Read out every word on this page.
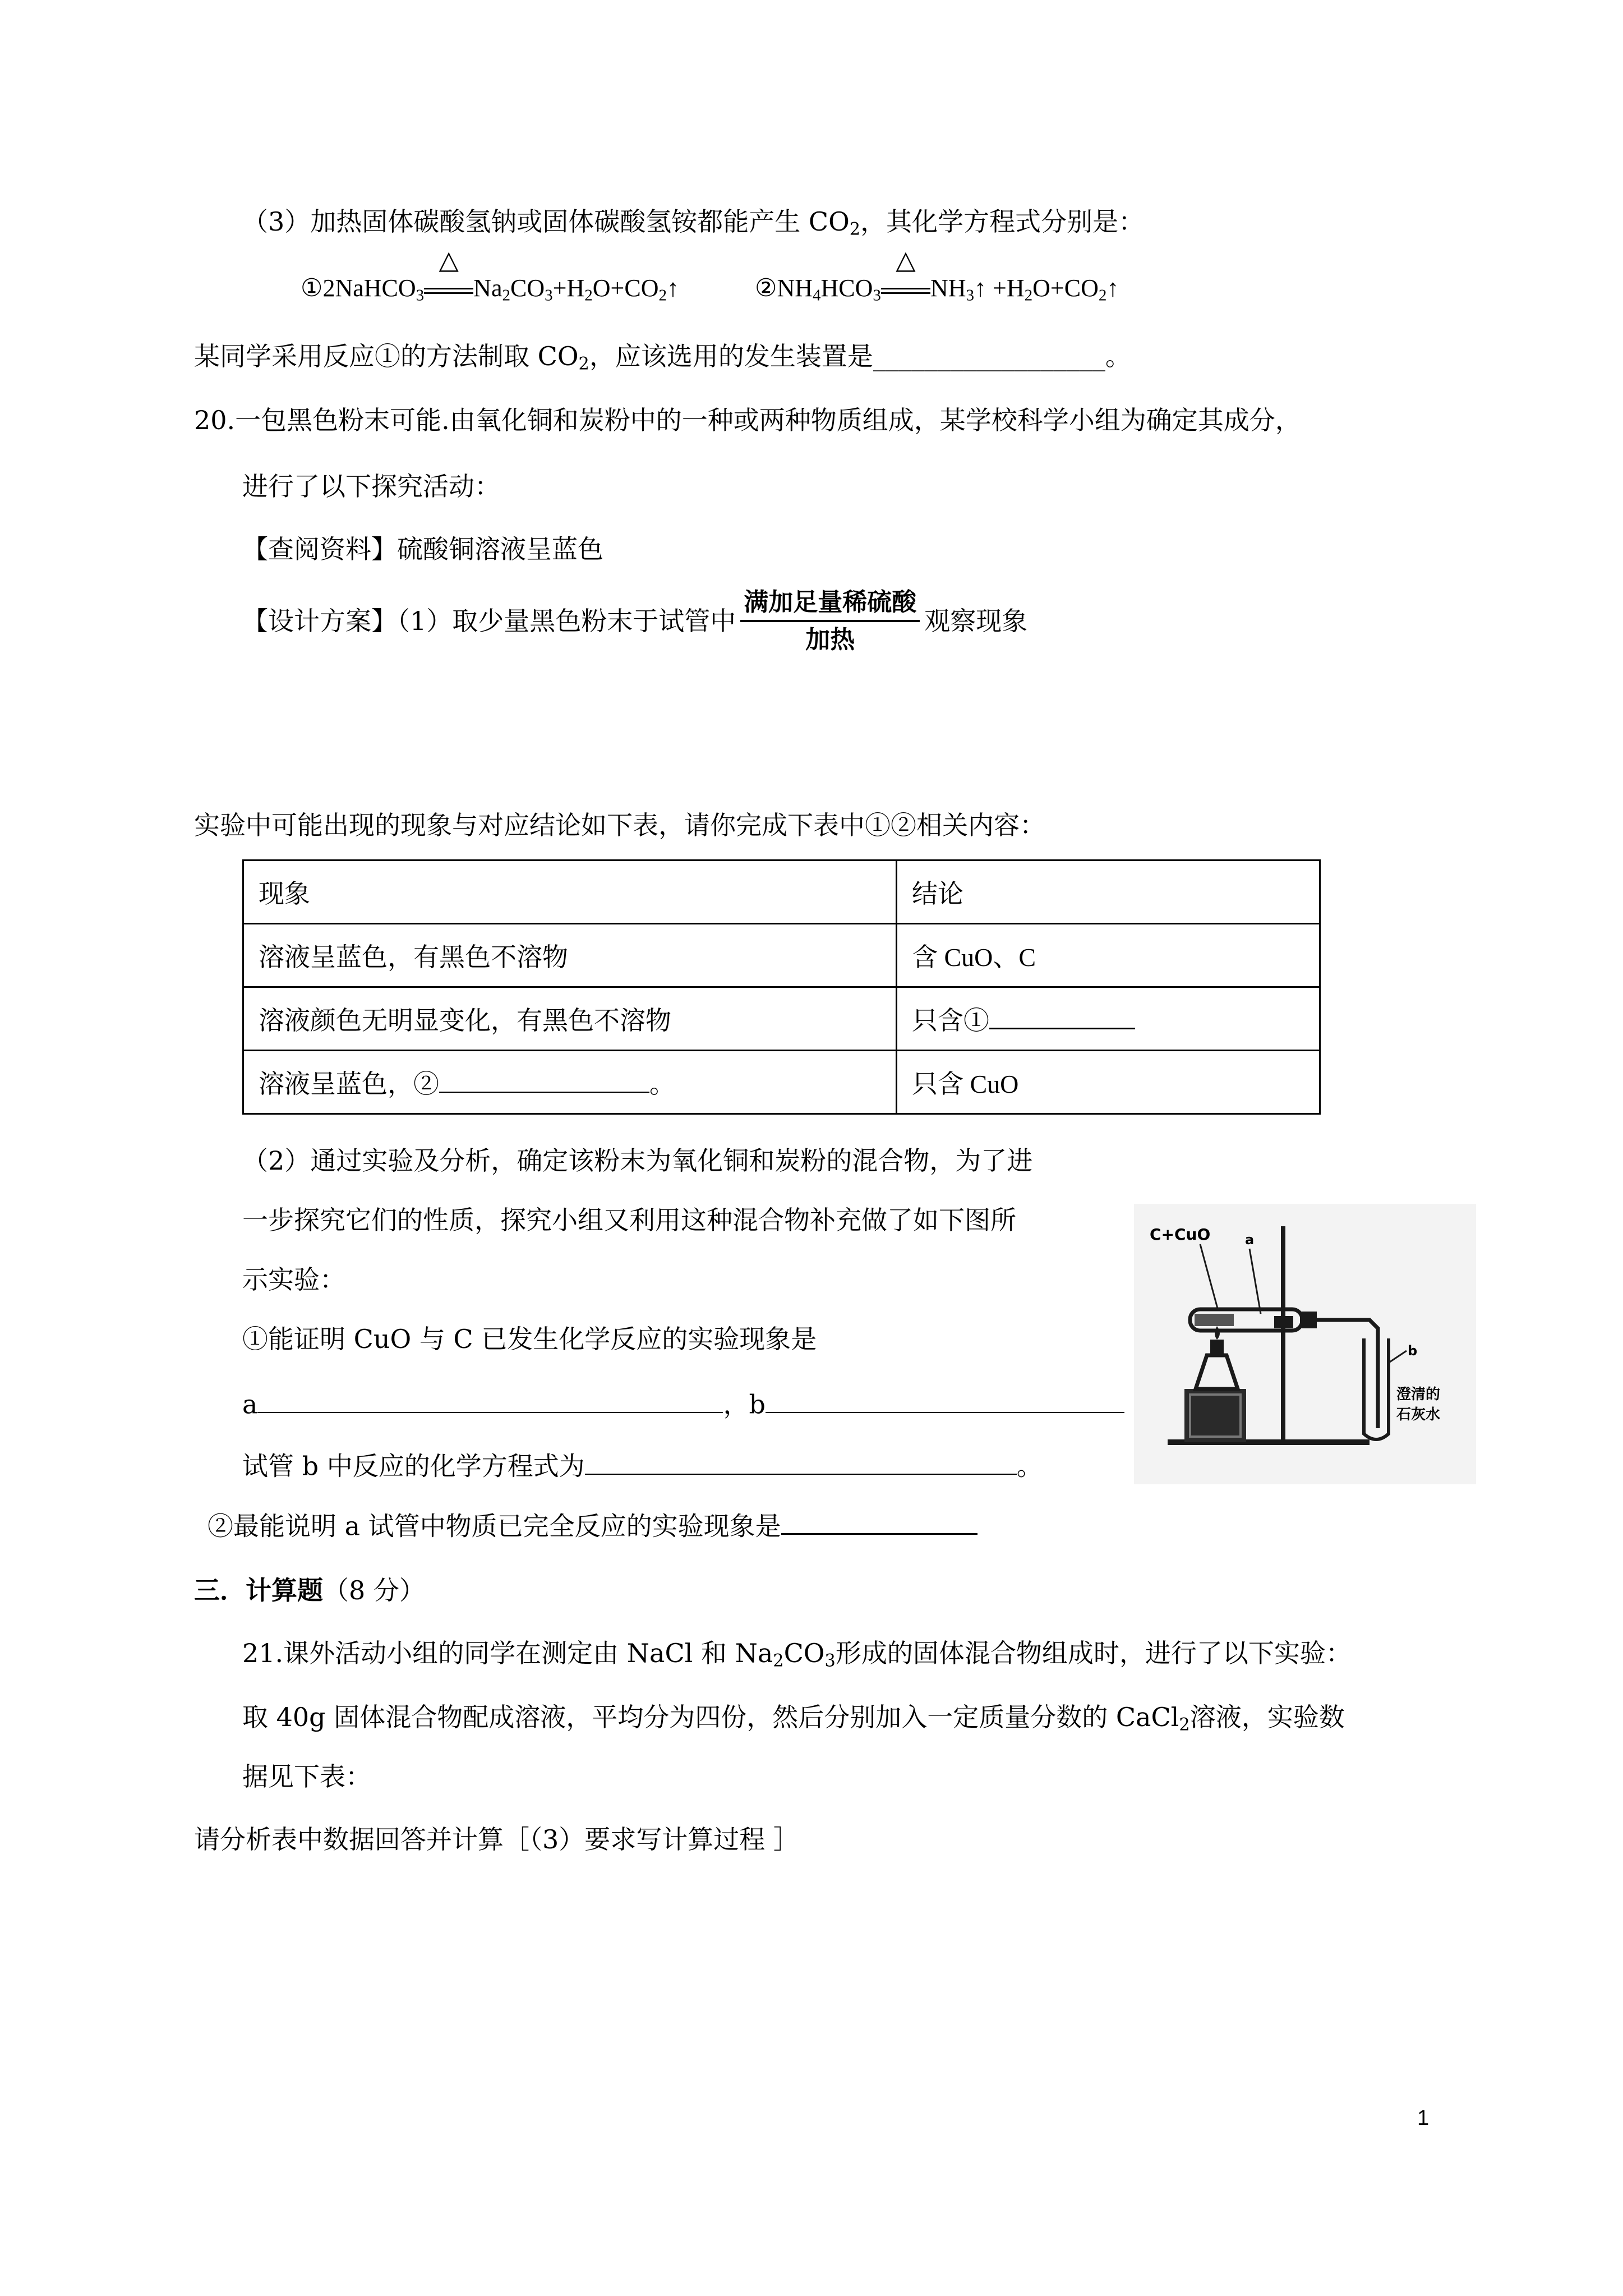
（3）加热固体碳酸氢钠或固体碳酸氢铵都能产生 $CO_2$，其化学方程式分别是：
①2NaHCO$_3$
△
$Na_2CO_3+H_2O+CO_2↑$	$②NH_4HCO_3$
△
$NH_3↑$ $+H_2O+CO_2↑$
某同学采用反应①的方法制取 $CO_2$，应该选用的发生装置是__________________。
20.一包黑色粉末可能.由氧化铜和炭粉中的一种或两种物质组成，某学校科学小组为确定其成分，
进行了以下探究活动：
【查阅资料】硫酸铜溶液呈蓝色
【设计方案】（1）取少量黑色粉末于试管中 $\frac{\text{满加足量稀硫酸}}{\text{加热}}$ 观察现象
实验中可能出现的现象与对应结论如下表，请你完成下表中①②相关内容：
现象	结论
溶液呈蓝色，有黑色不溶物	含 CuO、C
溶液颜色无明显变化，有黑色不溶物	只含①
溶液呈蓝色，② 。	只含 CuO
（2）通过实验及分析，确定该粉末为氧化铜和炭粉的混合物，为了进
一步探究它们的性质，探究小组又利用这种混合物补充做了如下图所
示实验：
①能证明 CuO 与 C 已发生化学反应的实验现象是
a	，b
试管 b 中反应的化学方程式为	。
②最能说明 a 试管中物质已完全反应的实验现象是
C+CuO	a
b
澄清的
石灰水
三．计算题（8 分）
21.课外活动小组的同学在测定由 NaCl 和 $Na_2CO_3$形成的固体混合物组成时，进行了以下实验：
取 40g 固体混合物配成溶液，平均分为四份，然后分别加入一定质量分数的 CaCl$_2$溶液，实验数
据见下表：
请分析表中数据回答并计算［（3）要求写计算过程 ］
1
